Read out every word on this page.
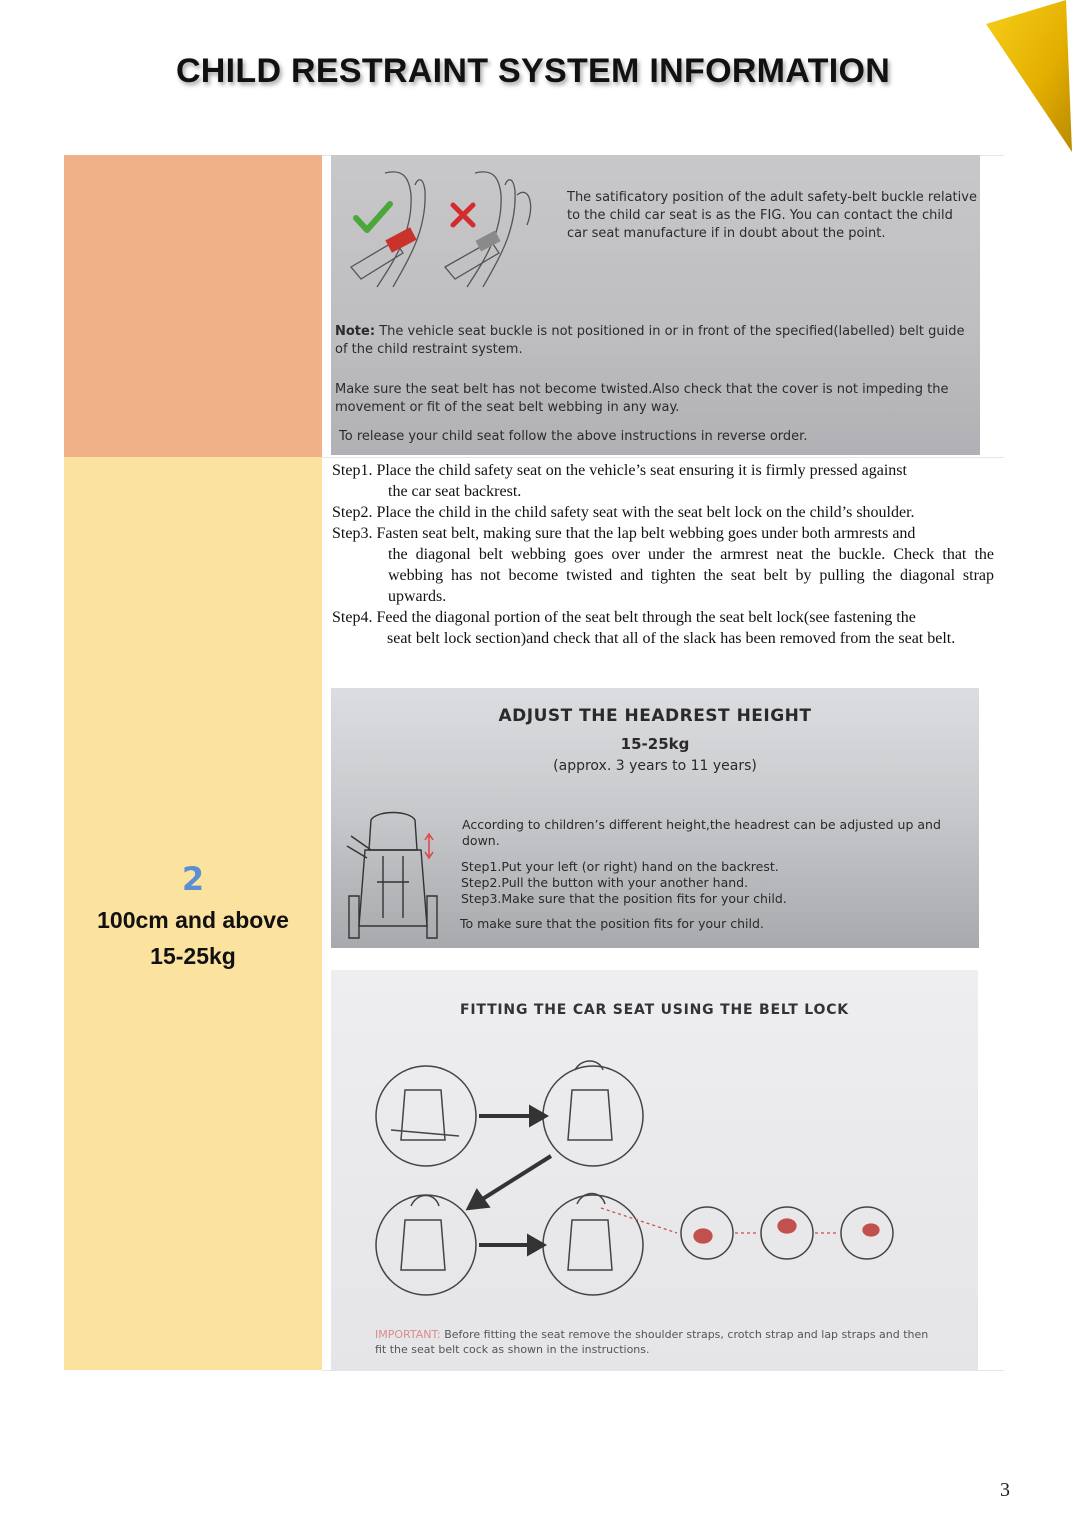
CHILD RESTRAINT SYSTEM INFORMATION
2
100cm and above
15-25kg
The satificatory position of the adult safety-belt buckle relative to the child car seat is as the FIG. You can contact the child car seat manufacture if in doubt about the point.
Note: The vehicle seat buckle is not positioned in or in front of the specified(labelled) belt guide of the child restraint system.
Make sure the seat belt has not become twisted.Also check that the cover is not impeding the movement or fit of the seat belt webbing in any way.
To release your child seat follow the above instructions in reverse order.
Step1. Place the child safety seat on the vehicle’s seat ensuring it is firmly pressed against
the car seat backrest.
Step2. Place the child in the child safety seat with the seat belt lock on the child’s shoulder.
Step3. Fasten seat belt, making sure that the lap belt webbing goes under both armrests and
the diagonal belt webbing goes over under the armrest neat the buckle. Check that the webbing has not become twisted and tighten the seat belt by pulling the diagonal strap upwards.
Step4. Feed the diagonal portion of the seat belt through the seat belt lock(see fastening the
seat belt lock section)and check that all of the slack has been removed from the seat belt.
ADJUST THE HEADREST HEIGHT
15-25kg
(approx. 3 years to 11 years)
According to children’s different height,the headrest can be adjusted up and down.
Step1.Put your left (or right) hand on the backrest.
Step2.Pull the button with your another hand.
Step3.Make sure that the position fits for your child.
To make sure that the position fits for your child.
FITTING THE CAR SEAT USING THE BELT LOCK
IMPORTANT: Before fitting the seat remove the shoulder straps, crotch strap and lap straps and then fit the seat belt cock as shown in the instructions.
3
